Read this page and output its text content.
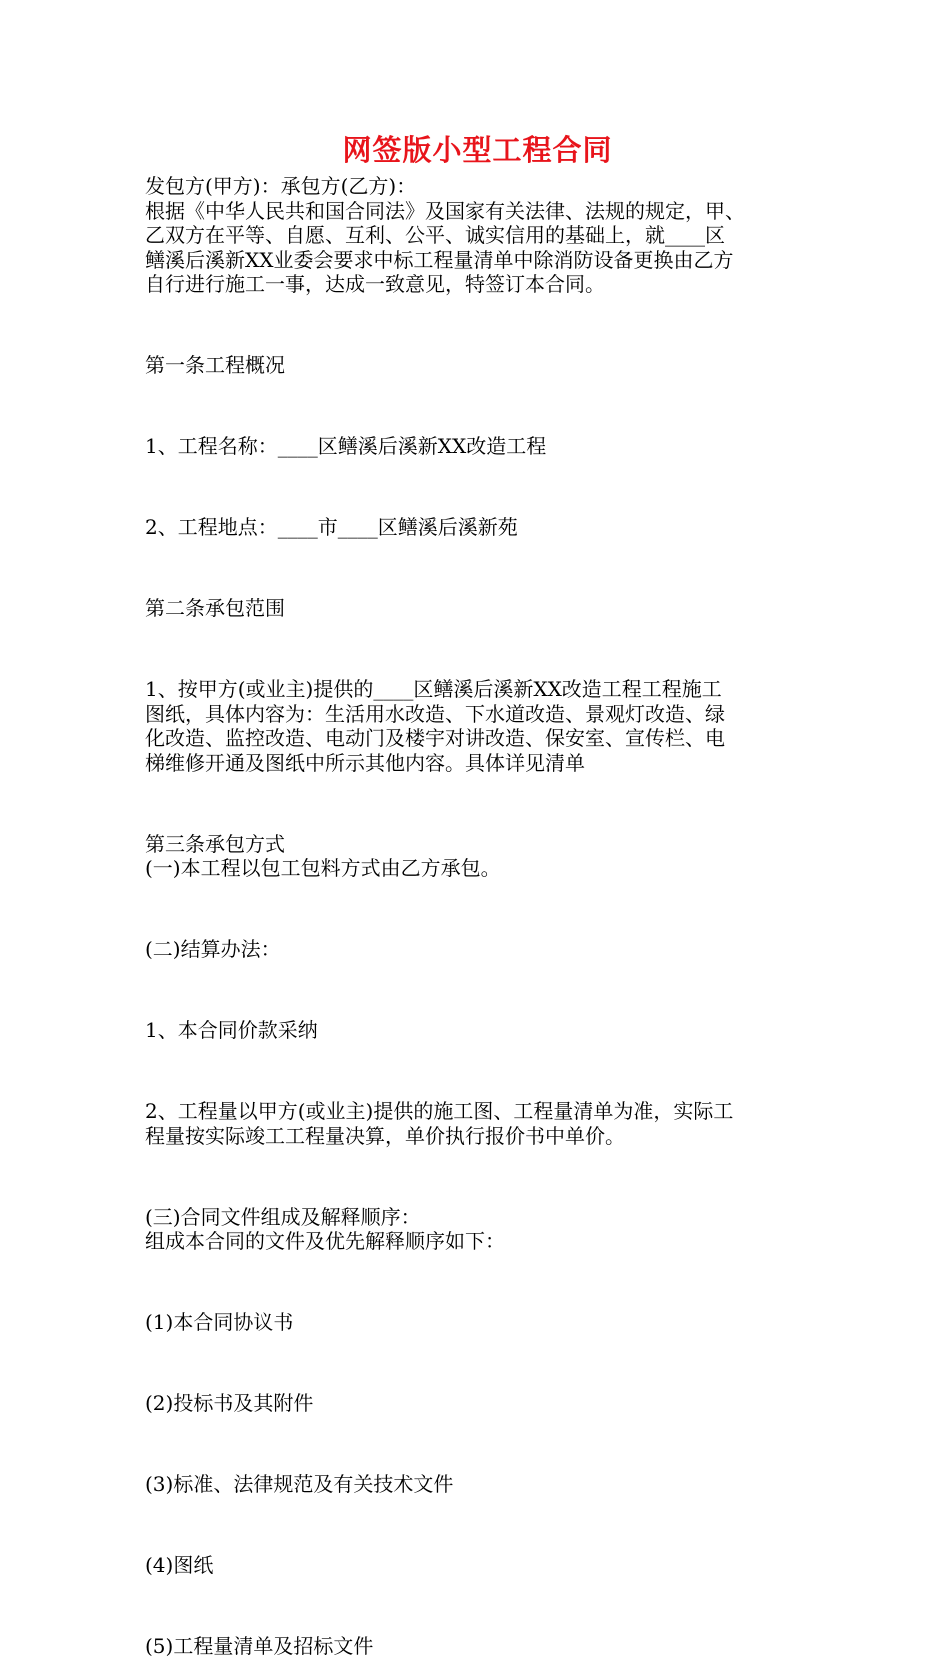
网签版小型工程合同

发包方(甲方)：承包方(乙方)：

根据《中华人民共和国合同法》及国家有关法律、法规的规定，甲、

乙双方在平等、自愿、互利、公平、诚实信用的基础上，就____区

鳝溪后溪新XX业委会要求中标工程量清单中除消防设备更换由乙方

自行进行施工一事，达成一致意见，特签订本合同。

第一条工程概况

1、工程名称：____区鳝溪后溪新XX改造工程

2、工程地点：____市____区鳝溪后溪新苑

第二条承包范围

1、按甲方(或业主)提供的____区鳝溪后溪新XX改造工程工程施工

图纸，具体内容为：生活用水改造、下水道改造、景观灯改造、绿

化改造、监控改造、电动门及楼宇对讲改造、保安室、宣传栏、电

梯维修开通及图纸中所示其他内容。具体详见清单

第三条承包方式

(一)本工程以包工包料方式由乙方承包。

(二)结算办法：

1、本合同价款采纳

2、工程量以甲方(或业主)提供的施工图、工程量清单为准，实际工

程量按实际竣工工程量决算，单价执行报价书中单价。

(三)合同文件组成及解释顺序：

组成本合同的文件及优先解释顺序如下：

(1)本合同协议书

(2)投标书及其附件

(3)标准、法律规范及有关技术文件

(4)图纸

(5)工程量清单及招标文件
